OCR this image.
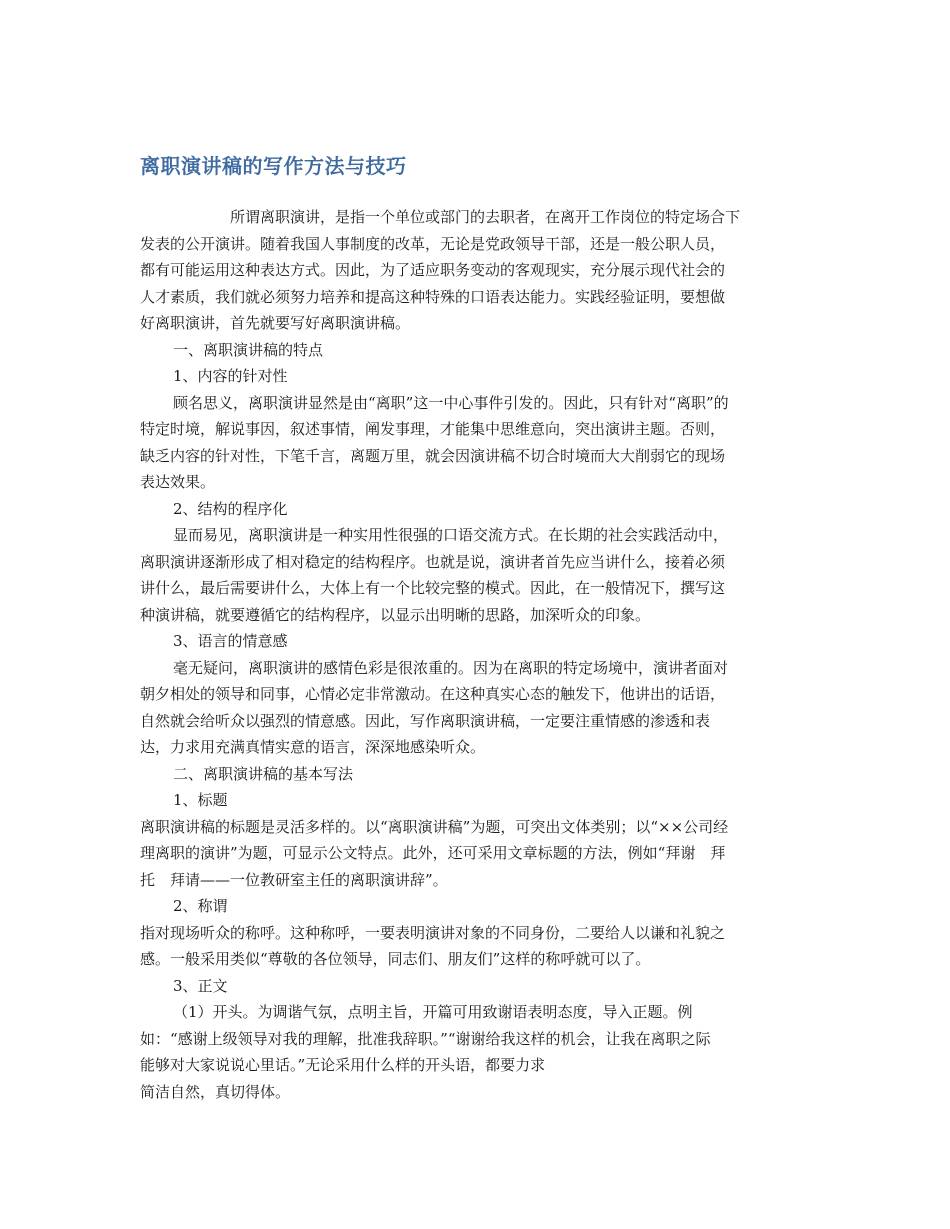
离职演讲稿的写作方法与技巧

所谓离职演讲，是指一个单位或部门的去职者，在离开工作岗位的特定场合下

发表的公开演讲。随着我国人事制度的改革，无论是党政领导干部，还是一般公职人员，

都有可能运用这种表达方式。因此，为了适应职务变动的客观现实，充分展示现代社会的

人才素质，我们就必须努力培养和提高这种特殊的口语表达能力。实践经验证明，要想做

好离职演讲，首先就要写好离职演讲稿。

一、离职演讲稿的特点

1、内容的针对性

顾名思义，离职演讲显然是由“离职”这一中心事件引发的。因此，只有针对“离职”的

特定时境，解说事因，叙述事情，阐发事理，才能集中思维意向，突出演讲主题。否则，

缺乏内容的针对性，下笔千言，离题万里，就会因演讲稿不切合时境而大大削弱它的现场

表达效果。

2、结构的程序化

显而易见，离职演讲是一种实用性很强的口语交流方式。在长期的社会实践活动中，

离职演讲逐渐形成了相对稳定的结构程序。也就是说，演讲者首先应当讲什么，接着必须

讲什么，最后需要讲什么，大体上有一个比较完整的模式。因此，在一般情况下，撰写这

种演讲稿，就要遵循它的结构程序，以显示出明晰的思路，加深听众的印象。

3、语言的情意感

毫无疑问，离职演讲的感情色彩是很浓重的。因为在离职的特定场境中，演讲者面对

朝夕相处的领导和同事，心情必定非常激动。在这种真实心态的触发下，他讲出的话语，

自然就会给听众以强烈的情意感。因此，写作离职演讲稿，一定要注重情感的渗透和表

达，力求用充满真情实意的语言，深深地感染听众。

二、离职演讲稿的基本写法

1、标题

离职演讲稿的标题是灵活多样的。以“离职演讲稿”为题，可突出文体类别；以“××公司经

理离职的演讲”为题，可显示公文特点。此外，还可采用文章标题的方法，例如“拜谢　拜

托　拜请——一位教研室主任的离职演讲辞”。

2、称谓

指对现场听众的称呼。这种称呼，一要表明演讲对象的不同身份，二要给人以谦和礼貌之

感。一般采用类似“尊敬的各位领导，同志们、朋友们”这样的称呼就可以了。

3、正文

（1）开头。为调谐气氛，点明主旨，开篇可用致谢语表明态度，导入正题。例

如：“感谢上级领导对我的理解，批准我辞职。”“谢谢给我这样的机会，让我在离职之际

能够对大家说说心里话。”无论采用什么样的开头语，都要力求

简洁自然，真切得体。
